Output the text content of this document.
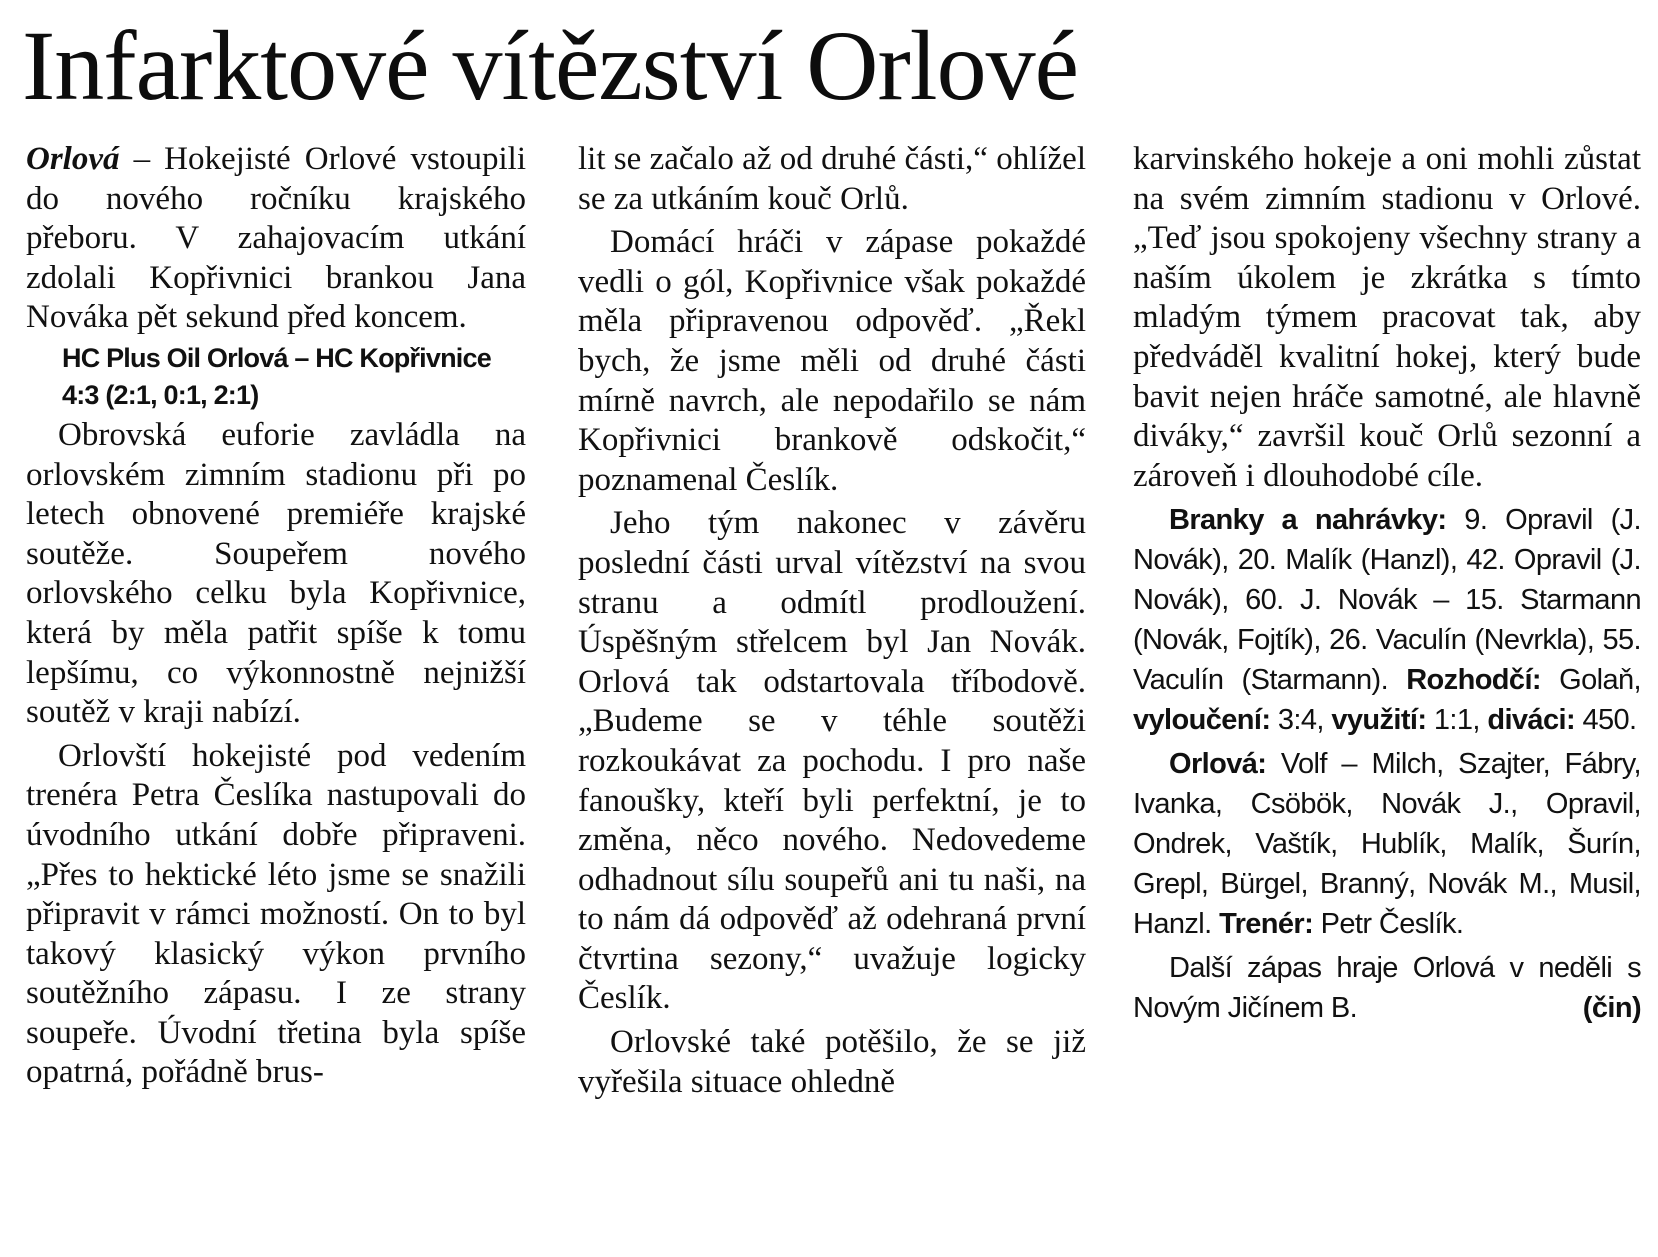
Infarktové vítězství Orlové

Orlová – Hokejisté Orlové vstoupili do nového ročníku krajského přeboru. V zahajovacím utkání zdolali Kopřivnici brankou Jana Nováka pět sekund před koncem.

HC Plus Oil Orlová – HC Kopřivnice 4:3 (2:1, 0:1, 2:1)

Obrovská euforie zavládla na orlovském zimním stadionu při po letech obnovené premiéře krajské soutěže. Soupeřem nového orlovského celku byla Kopřivnice, která by měla patřit spíše k tomu lepšímu, co výkonnostně nejnižší soutěž v kraji nabízí.

Orlovští hokejisté pod vedením trenéra Petra Česlíka nastupovali do úvodního utkání dobře připraveni. „Přes to hektické léto jsme se snažili připravit v rámci možností. On to byl takový klasický výkon prvního soutěžního zápasu. I ze strany soupeře. Úvodní třetina byla spíše opatrná, pořádně brus-

lit se začalo až od druhé části,“ ohlížel se za utkáním kouč Orlů.

Domácí hráči v zápase pokaždé vedli o gól, Kopřivnice však pokaždé měla připravenou odpověď. „Řekl bych, že jsme měli od druhé části mírně navrch, ale nepodařilo se nám Kopřivnici brankově odskočit,“ poznamenal Česlík.

Jeho tým nakonec v závěru poslední části urval vítězství na svou stranu a odmítl prodloužení. Úspěšným střelcem byl Jan Novák. Orlová tak odstartovala tříbodově. „Budeme se v téhle soutěži rozkoukávat za pochodu. I pro naše fanoušky, kteří byli perfektní, je to změna, něco nového. Nedovedeme odhadnout sílu soupeřů ani tu naši, na to nám dá odpověď až odehraná první čtvrtina sezony,“ uvažuje logicky Česlík.

Orlovské také potěšilo, že se již vyřešila situace ohledně

karvinského hokeje a oni mohli zůstat na svém zimním stadionu v Orlové. „Teď jsou spokojeny všechny strany a naším úkolem je zkrátka s tímto mladým týmem pracovat tak, aby předváděl kvalitní hokej, který bude bavit nejen hráče samotné, ale hlavně diváky,“ završil kouč Orlů sezonní a zároveň i dlouhodobé cíle.

Branky a nahrávky: 9. Opravil (J. Novák), 20. Malík (Hanzl), 42. Opravil (J. Novák), 60. J. Novák – 15. Starmann (Novák, Fojtík), 26. Vaculín (Nevrkla), 55. Vaculín (Starmann). Rozhodčí: Golaň, vyloučení: 3:4, využití: 1:1, diváci: 450.

Orlová: Volf – Milch, Szajter, Fábry, Ivanka, Csöbök, Novák J., Opravil, Ondrek, Vaštík, Hublík, Malík, Šurín, Grepl, Bürgel, Branný, Novák M., Musil, Hanzl. Trenér: Petr Česlík.

Další zápas hraje Orlová v neděli s Novým Jičínem B.	(čin)
